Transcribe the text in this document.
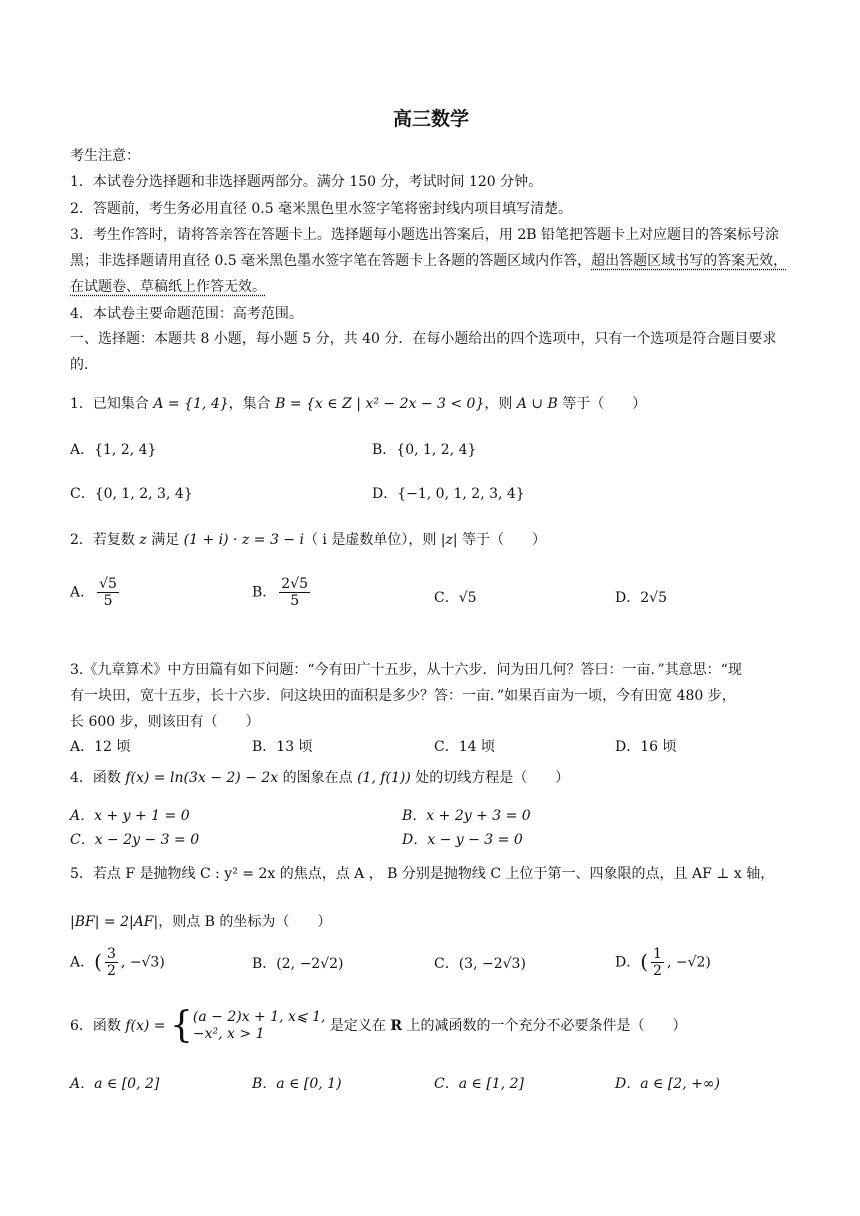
高三数学
考生注意：
1．本试卷分选择题和非选择题两部分。满分 150 分，考试时间 120 分钟。
2．答题前，考生务必用直径 0.5 毫米黑色里水签字笔将密封线内项目填写清楚。
3．考生作答时，请将答亲答在答题卡上。选择题每小题选出答案后，用 2B 铅笔把答题卡上对应题目的答案标号涂黑；非选择题请用直径 0.5 毫米黑色墨水签字笔在答题卡上各题的答题区域内作答，超出答题区域书写的答案无效，在试题卷、草稿纸上作答无效。
4．本试卷主要命题范围：高考范围。
一、选择题：本题共 8 小题，每小题 5 分，共 40 分．在每小题给出的四个选项中，只有一个选项是符合题目要求的．
1．已知集合 A = {1, 4}，集合 B = {x ∈ Z | x² − 2x − 3 < 0}，则 A ∪ B 等于（　　）
A．{1, 2, 4}	B．{0, 1, 2, 4}
C．{0, 1, 2, 3, 4}	D．{−1, 0, 1, 2, 3, 4}
2．若复数 z 满足 (1 + i) · z = 3 − i（ i 是虚数单位），则 |z| 等于（　　）
A． $\frac{√5}{5}$	B． $\frac{2√5}{5}$	C．√5	D．2√5
3.《九章算术》中方田篇有如下问题：“今有田广十五步，从十六步．问为田几何？答曰：一亩．”其意思：“现
有一块田，宽十五步，长十六步．问这块田的面积是多少？答：一亩．”如果百亩为一顷，今有田宽 480 步，
长 600 步，则该田有（　　）
A．12 顷	B．13 顷	C．14 顷	D．16 顷
4．函数 f(x) = ln(3x − 2) − 2x 的图象在点 (1, f(1)) 处的切线方程是（　　）
A．x + y + 1 = 0	B．x + 2y + 3 = 0
C．x − 2y − 3 = 0	D．x − y − 3 = 0
5．若点 F 是抛物线 C : y² = 2x 的焦点，点 A ， B 分别是抛物线 C 上位于第一、四象限的点，且 AF ⊥ x 轴，
|BF| = 2|AF|，则点 B 的坐标为（　　）
A．( $\frac{3}{2}$ , −√3)	B．(2, −2√2)	C．(3, −2√3)	D．( $\frac{1}{2}$ , −√2)
6．函数 f(x) = { (a − 2)x + 1, x⩽ 1,
−x², x > 1	是定义在 R 上的减函数的一个充分不必要条件是（　　）
A．a ∈ [0, 2]	B．a ∈ [0, 1)	C．a ∈ [1, 2]	D．a ∈ [2, +∞)
